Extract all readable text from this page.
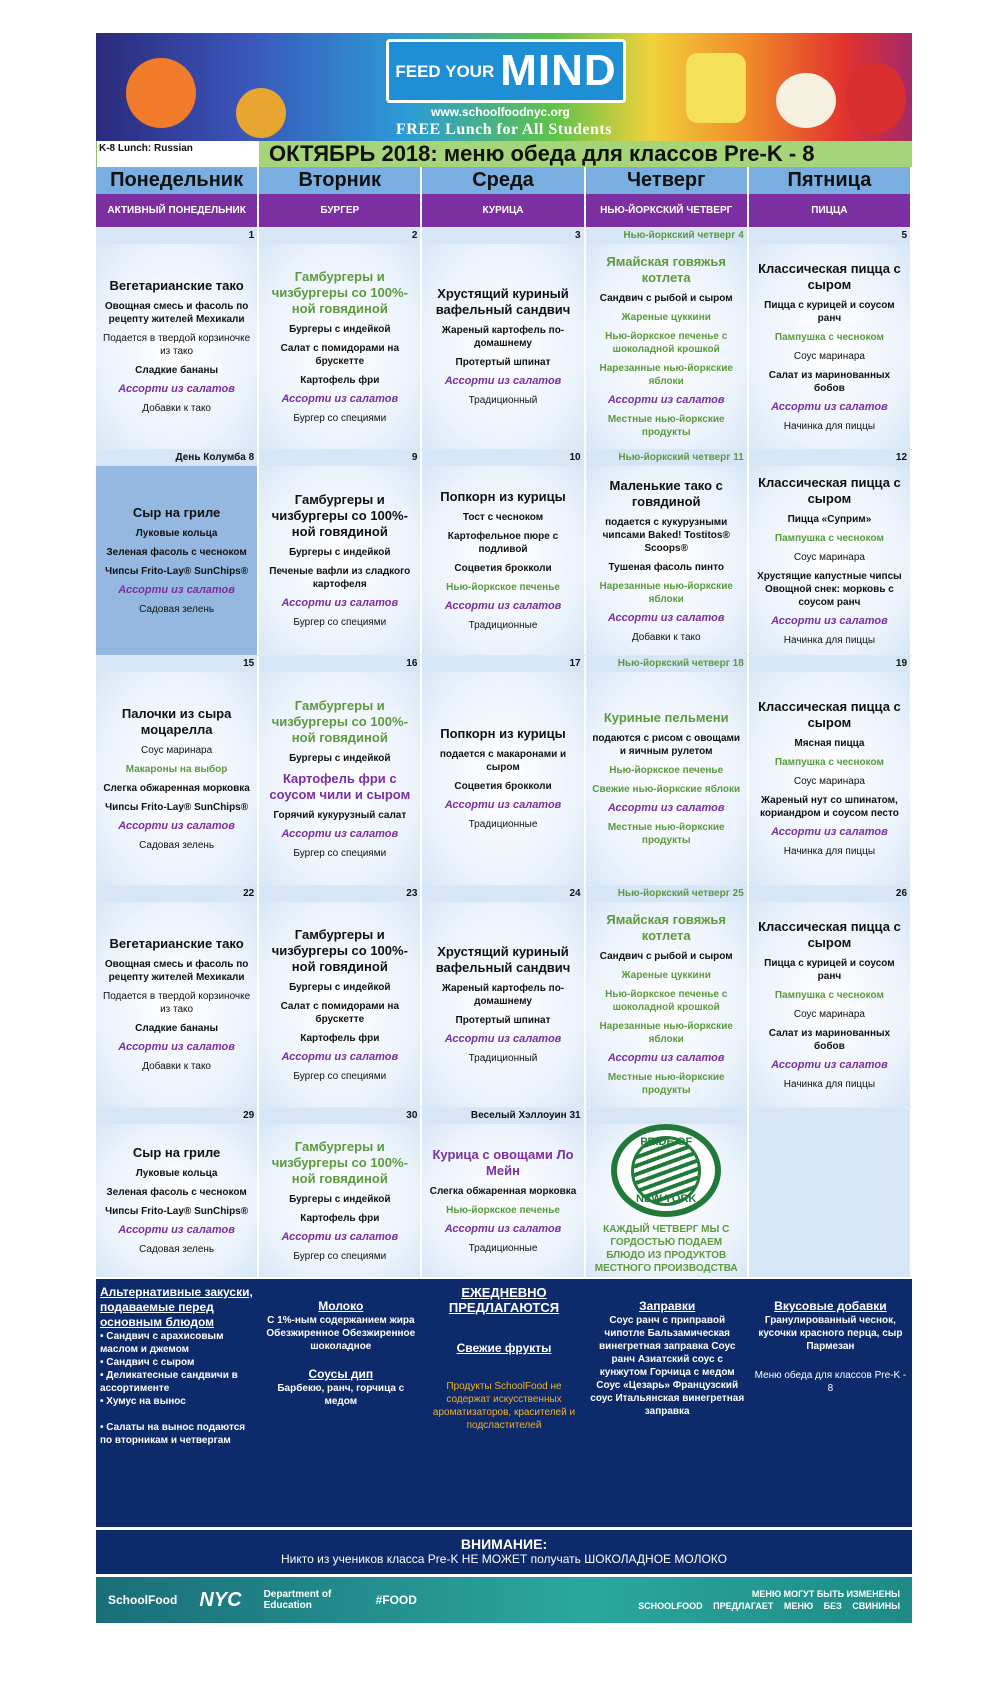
FEED YOUR MIND
www.schoolfoodnyc.org
FREE Lunch for All Students
K-8 Lunch: Russian	ОКТЯБРЬ 2018: меню обеда для классов Pre-K - 8
Понедельник	Вторник	Среда	Четверг	Пятница
АКТИВНЫЙ ПОНЕДЕЛЬНИК	БУРГЕР	КУРИЦА	НЬЮ-ЙОРКСКИЙ ЧЕТВЕРГ	ПИЦЦА
1
Вегетарианские тако
Овощная смесь и фасоль по рецепту жителей Мехикали
Подается в твердой корзиночке из тако
Сладкие бананы
Ассорти из салатов
Добавки к тако
2
Гамбургеры и чизбургеры со 100%-ной говядиной
Бургеры с индейкой
Салат с помидорами на брускетте
Картофель фри
Ассорти из салатов
Бургер со специями
3
Хрустящий куриный вафельный сандвич
Жареный картофель по-домашнему
Протертый шпинат
Ассорти из салатов
Традиционный
Нью-йоркский четверг 4
Ямайская говяжья котлета
Сандвич с рыбой и сыром
Жареные цуккини
Нью-йоркское печенье с шоколадной крошкой
Нарезанные нью-йоркские яблоки
Ассорти из салатов
Местные нью-йоркские продукты
5
Классическая пицца с сыром
Пицца с курицей и соусом ранч
Пампушка с чесноком
Соус маринара
Салат из маринованных бобов
Ассорти из салатов
Начинка для пиццы
День Колумба 8
Сыр на гриле
Луковые кольца
Зеленая фасоль с чесноком
Чипсы Frito-Lay® SunChips®
Ассорти из салатов
Садовая зелень
9
Гамбургеры и чизбургеры со 100%-ной говядиной
Бургеры с индейкой
Печеные вафли из сладкого картофеля
Ассорти из салатов
Бургер со специями
10
Попкорн из курицы
Тост с чесноком
Картофельное пюре с подливой
Соцветия брокколи
Нью-йоркское печенье
Ассорти из салатов
Традиционные
Нью-йоркский четверг 11
Маленькие тако с говядиной
подается с кукурузными чипсами Baked! Tostitos® Scoops®
Тушеная фасоль пинто
Нарезанные нью-йоркские яблоки
Ассорти из салатов
Добавки к тако
12
Классическая пицца с сыром
Пицца «Суприм»
Пампушка с чесноком
Соус маринара
Хрустящие капустные чипсы Овощной снек: морковь с соусом ранч
Ассорти из салатов
Начинка для пиццы
15
Палочки из сыра моцарелла
Соус маринара
Макароны на выбор
Слегка обжаренная морковка
Чипсы Frito-Lay® SunChips®
Ассорти из салатов
Садовая зелень
16
Гамбургеры и чизбургеры со 100%-ной говядиной
Бургеры с индейкой
Картофель фри с соусом чили и сыром
Горячий кукурузный салат
Ассорти из салатов
Бургер со специями
17
Попкорн из курицы
подается с макаронами и сыром
Соцветия брокколи
Ассорти из салатов
Традиционные
Нью-йоркский четверг 18
Куриные пельмени
подаются с рисом с овощами и яичным рулетом
Нью-йоркское печенье
Свежие нью-йоркские яблоки
Ассорти из салатов
Местные нью-йоркские продукты
19
Классическая пицца с сыром
Мясная пицца
Пампушка с чесноком
Соус маринара
Жареный нут со шпинатом, кориандром и соусом песто
Ассорти из салатов
Начинка для пиццы
22
Вегетарианские тако
Овощная смесь и фасоль по рецепту жителей Мехикали
Подается в твердой корзиночке из тако
Сладкие бананы
Ассорти из салатов
Добавки к тако
23
Гамбургеры и чизбургеры со 100%-ной говядиной
Бургеры с индейкой
Салат с помидорами на брускетте
Картофель фри
Ассорти из салатов
Бургер со специями
24
Хрустящий куриный вафельный сандвич
Жареный картофель по-домашнему
Протертый шпинат
Ассорти из салатов
Традиционный
Нью-йоркский четверг 25
Ямайская говяжья котлета
Сандвич с рыбой и сыром
Жареные цуккини
Нью-йоркское печенье с шоколадной крошкой
Нарезанные нью-йоркские яблоки
Ассорти из салатов
Местные нью-йоркские продукты
26
Классическая пицца с сыром
Пицца с курицей и соусом ранч
Пампушка с чесноком
Соус маринара
Салат из маринованных бобов
Ассорти из салатов
Начинка для пиццы
29
Сыр на гриле
Луковые кольца
Зеленая фасоль с чесноком
Чипсы Frito-Lay® SunChips®
Ассорти из салатов
Садовая зелень
30
Гамбургеры и чизбургеры со 100%-ной говядиной
Бургеры с индейкой
Картофель фри
Ассорти из салатов
Бургер со специями
Веселый Хэллоуин 31
Курица с овощами Ло Мейн
Слегка обжаренная морковка
Нью-йоркское печенье
Ассорти из салатов
Традиционные
PRIDE OF
NEW YORK
КАЖДЫЙ ЧЕТВЕРГ МЫ С ГОРДОСТЬЮ ПОДАЕМ БЛЮДО ИЗ ПРОДУКТОВ МЕСТНОГО ПРОИЗВОДСТВА
Альтернативные закуски, подаваемые перед основным блюдом
• Сандвич с арахисовым маслом и джемом
• Сандвич с сыром
• Деликатесные сандвичи в ассортименте
• Хумус на вынос
• Салаты на вынос подаются по вторникам и четвергам
Молоко
С 1%-ным содержанием жира Обезжиренное Обезжиренное шоколадное
Соусы дип
Барбекю, ранч, горчица с медом
ЕЖЕДНЕВНО ПРЕДЛАГАЮТСЯ
Свежие фрукты
Продукты SchoolFood не содержат искусственных ароматизаторов, красителей и подсластителей
Заправки
Соус ранч с приправой чипотле Бальзамическая винегретная заправка Соус ранч Азиатский соус с кунжутом Горчица с медом Соус «Цезарь» Французский соус Итальянская винегретная заправка
Вкусовые добавки
Гранулированный чеснок, кусочки красного перца, сыр Пармезан
Меню обеда для классов Pre-K - 8
ВНИМАНИЕ:
Никто из учеников класса Pre-K НЕ МОЖЕТ получать ШОКОЛАДНОЕ МОЛОКО
SchoolFood NYC Department of Education	#FOOD	МЕНЮ МОГУТ БЫТЬ ИЗМЕНЕНЫ
SCHOOLFOOD ПРЕДЛАГАЕТ МЕНЮ БЕЗ СВИНИНЫ
